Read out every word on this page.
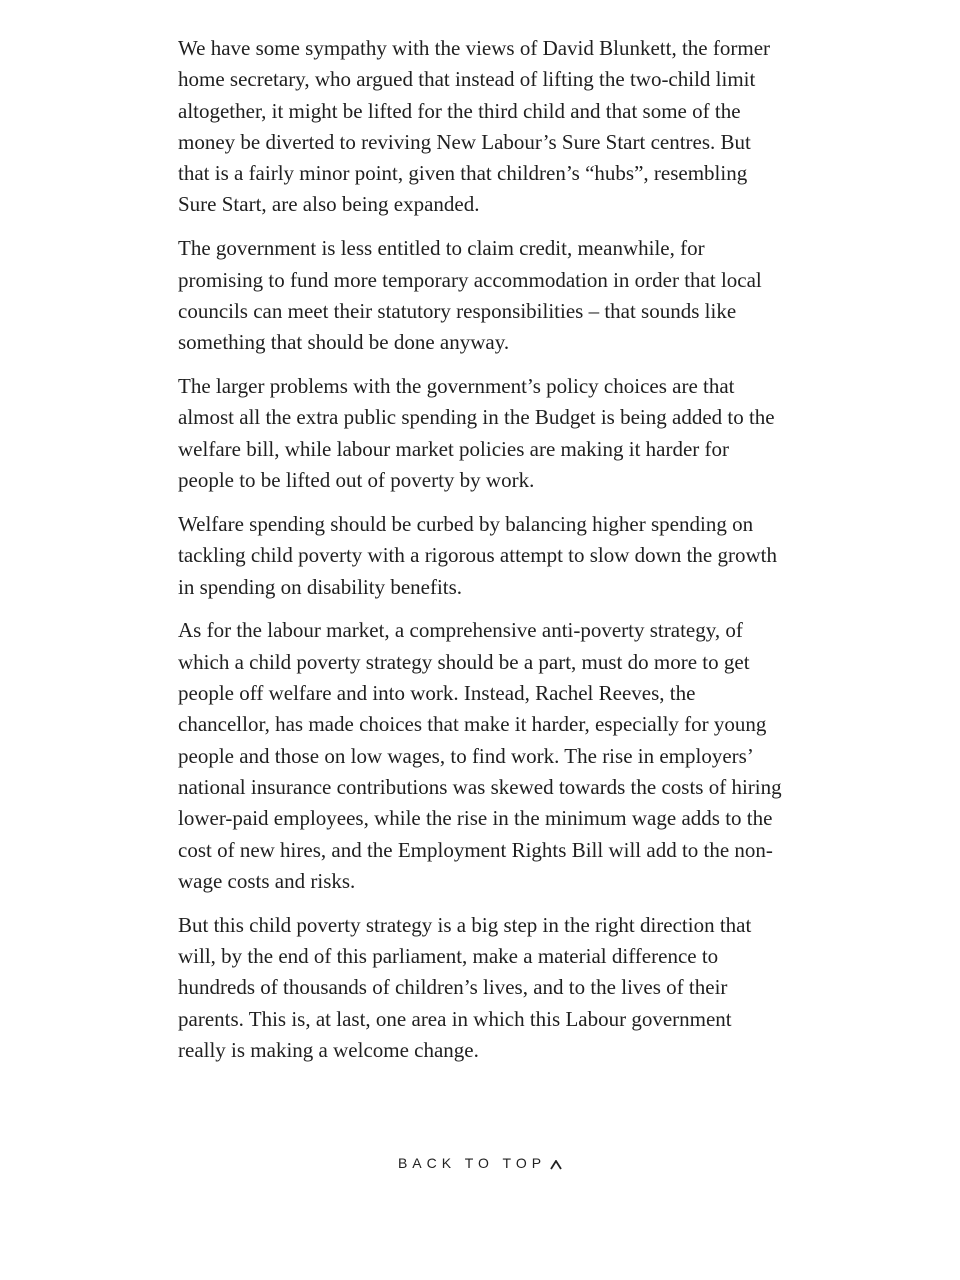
We have some sympathy with the views of David Blunkett, the former home secretary, who argued that instead of lifting the two-child limit altogether, it might be lifted for the third child and that some of the money be diverted to reviving New Labour’s Sure Start centres. But that is a fairly minor point, given that children’s “hubs”, resembling Sure Start, are also being expanded.

The government is less entitled to claim credit, meanwhile, for promising to fund more temporary accommodation in order that local councils can meet their statutory responsibilities – that sounds like something that should be done anyway.

The larger problems with the government’s policy choices are that almost all the extra public spending in the Budget is being added to the welfare bill, while labour market policies are making it harder for people to be lifted out of poverty by work.

Welfare spending should be curbed by balancing higher spending on tackling child poverty with a rigorous attempt to slow down the growth in spending on disability benefits.

As for the labour market, a comprehensive anti-poverty strategy, of which a child poverty strategy should be a part, must do more to get people off welfare and into work. Instead, Rachel Reeves, the chancellor, has made choices that make it harder, especially for young people and those on low wages, to find work. The rise in employers’ national insurance contributions was skewed towards the costs of hiring lower-paid employees, while the rise in the minimum wage adds to the cost of new hires, and the Employment Rights Bill will add to the non-wage costs and risks.

But this child poverty strategy is a big step in the right direction that will, by the end of this parliament, make a material difference to hundreds of thousands of children’s lives, and to the lives of their parents. This is, at last, one area in which this Labour government really is making a welcome change.

BACK TO TOP
